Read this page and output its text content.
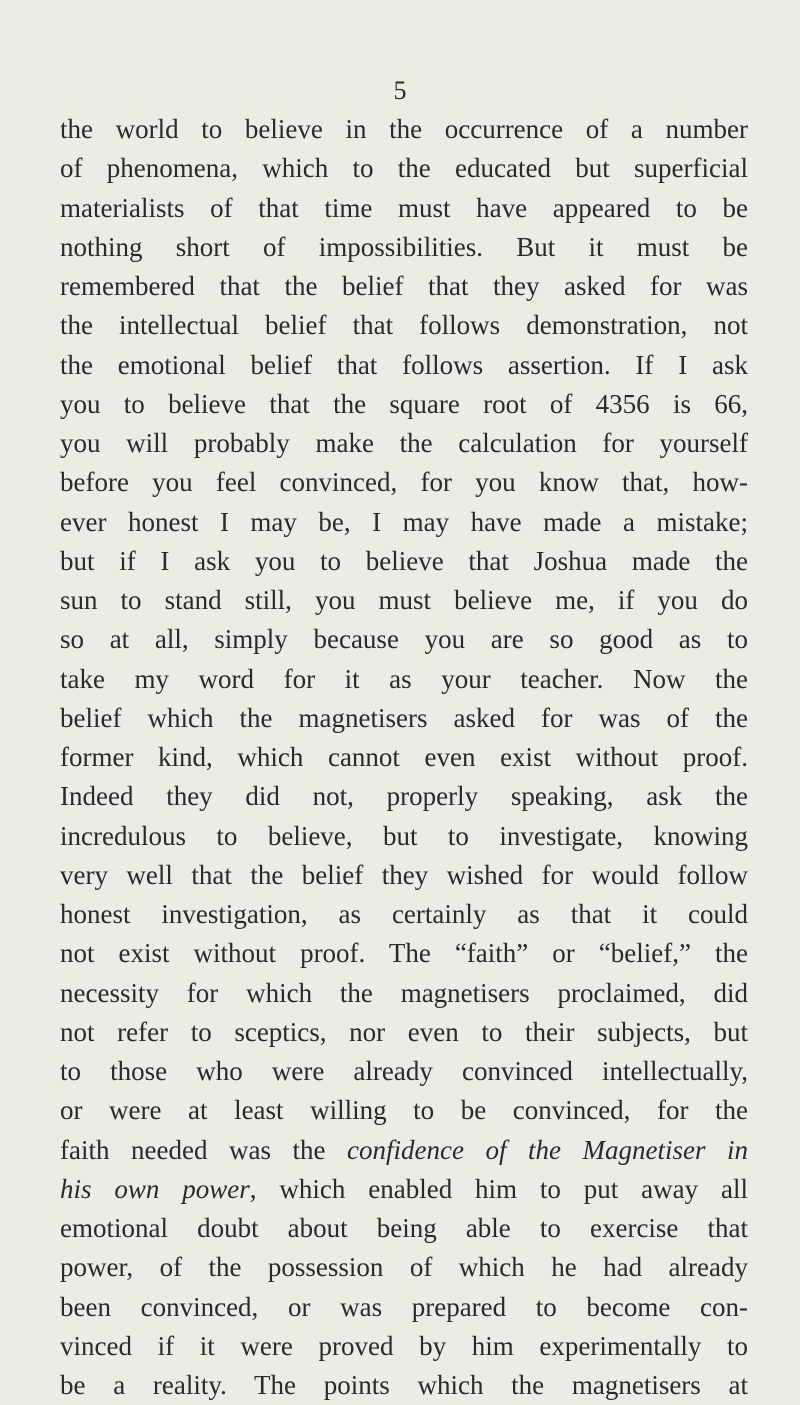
5
the world to believe in the occurrence of a number
of phenomena, which to the educated but superficial
materialists of that time must have appeared to be
nothing short of impossibilities. But it must be
remembered that the belief that they asked for was
the intellectual belief that follows demonstration, not
the emotional belief that follows assertion. If I ask
you to believe that the square root of 4356 is 66,
you will probably make the calculation for yourself
before you feel convinced, for you know that, how-
ever honest I may be, I may have made a mistake;
but if I ask you to believe that Joshua made the
sun to stand still, you must believe me, if you do
so at all, simply because you are so good as to
take my word for it as your teacher. Now the
belief which the magnetisers asked for was of the
former kind, which cannot even exist without proof.
Indeed they did not, properly speaking, ask the
incredulous to believe, but to investigate, knowing
very well that the belief they wished for would follow
honest investigation, as certainly as that it could
not exist without proof. The “faith” or “belief,” the
necessity for which the magnetisers proclaimed, did
not refer to sceptics, nor even to their subjects, but
to those who were already convinced intellectually,
or were at least willing to be convinced, for the
faith needed was the confidence of the Magnetiser in
his own power, which enabled him to put away all
emotional doubt about being able to exercise that
power, of the possession of which he had already
been convinced, or was prepared to become con-
vinced if it were proved by him experimentally to
be a reality. The points which the magnetisers at
